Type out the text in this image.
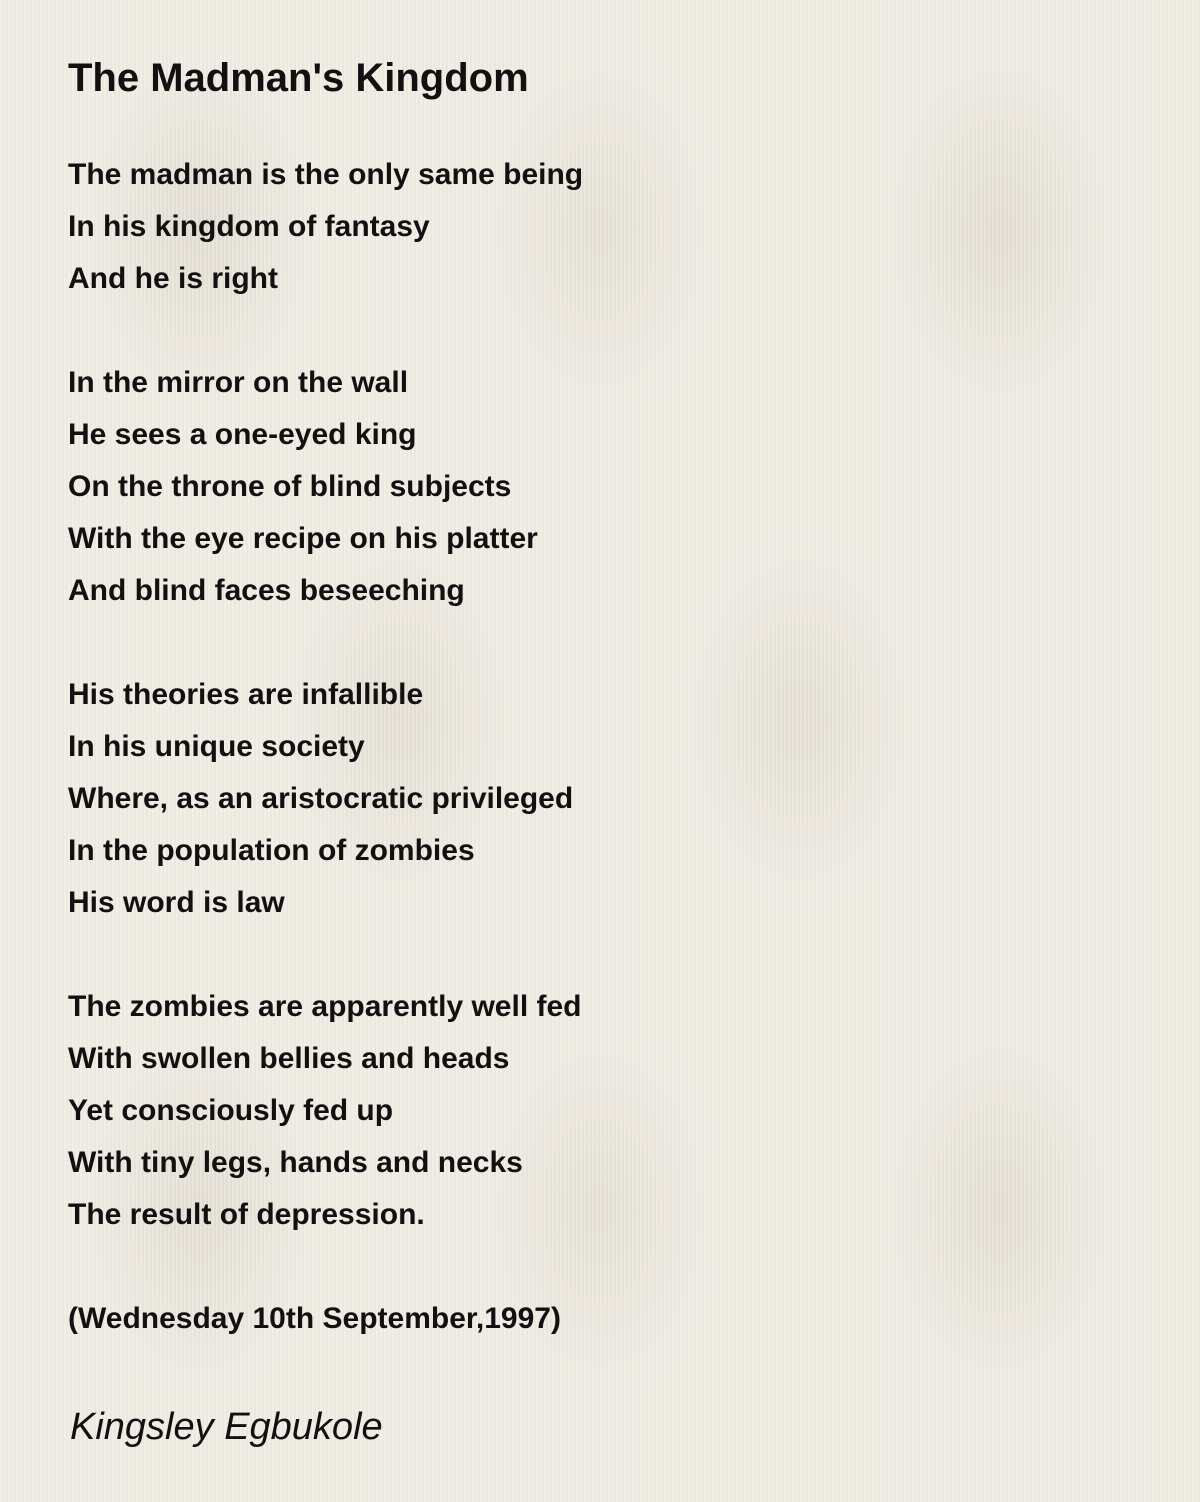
The Madman's Kingdom
The madman is the only same being
In his kingdom of fantasy
And he is right
In the mirror on the wall
He sees a one-eyed king
On the throne of blind subjects
With the eye recipe on his platter
And blind faces beseeching
His theories are infallible
In his unique society
Where, as an aristocratic privileged
In the population of zombies
His word is law
The zombies are apparently well fed
With swollen bellies and heads
Yet consciously fed up
With tiny legs, hands and necks
The result of depression.
(Wednesday 10th September,1997)
Kingsley Egbukole
